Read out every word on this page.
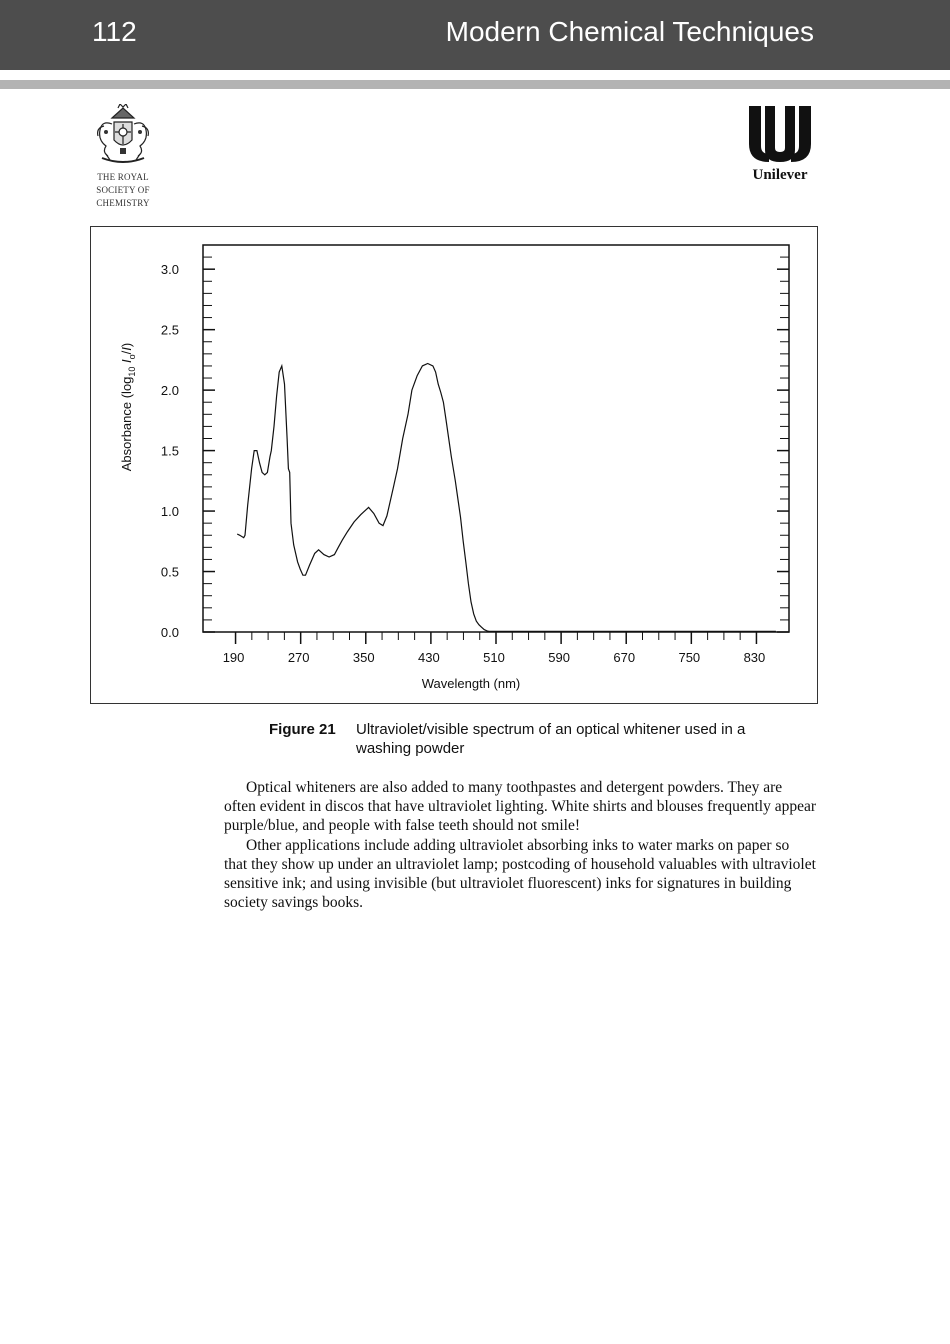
112	Modern Chemical Techniques
THE ROYAL
SOCIETY OF
CHEMISTRY
Unilever
0.0
0.5
1.0
1.5
2.0
2.5
3.0
190	270	350	430	510	590	670	750	830
Wavelength (nm)
Absorbance ($\log_{10}$ $I_o/I$)
Figure 21 Ultraviolet/visible spectrum of an optical whitener used in a washing powder

Optical whiteners are also added to many toothpastes and detergent powders. They are often evident in discos that have ultraviolet lighting. White shirts and blouses frequently appear purple/blue, and people with false teeth should not smile!

Other applications include adding ultraviolet absorbing inks to water marks on paper so that they show up under an ultraviolet lamp; postcoding of household valuables with ultraviolet sensitive ink; and using invisible (but ultraviolet fluorescent) inks for signatures in building society savings books.
